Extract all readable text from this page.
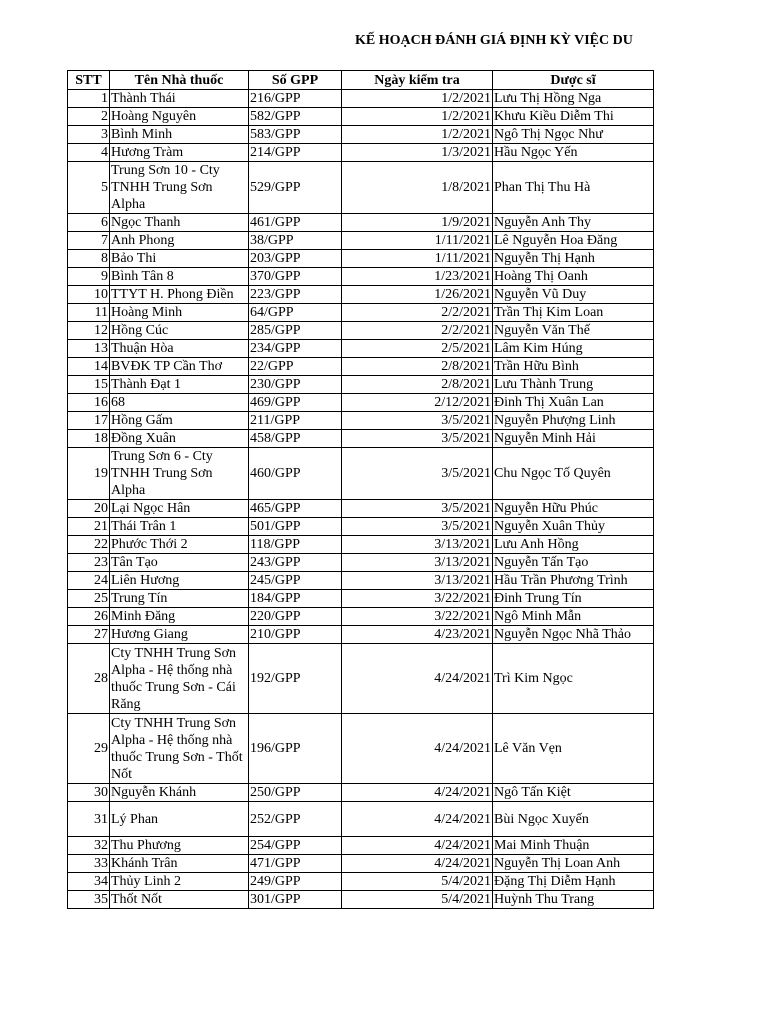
KẾ HOẠCH ĐÁNH GIÁ ĐỊNH KỲ VIỆC DU
STT	Tên Nhà thuốc	Số GPP	Ngày kiểm tra	Dược sĩ
1	Thành Thái	216/GPP	1/2/2021	Lưu Thị Hồng Nga
2	Hoàng Nguyên	582/GPP	1/2/2021	Khưu Kiều Diễm Thi
3	Bình Minh	583/GPP	1/2/2021	Ngô Thị Ngọc Như
4	Hương Tràm	214/GPP	1/3/2021	Hầu Ngọc Yến
5	Trung Sơn 10 - Cty TNHH Trung Sơn Alpha	529/GPP	1/8/2021	Phan Thị Thu Hà
6	Ngọc Thanh	461/GPP	1/9/2021	Nguyễn Anh Thy
7	Anh Phong	38/GPP	1/11/2021	Lê Nguyễn Hoa Đăng
8	Bảo Thi	203/GPP	1/11/2021	Nguyễn Thị Hạnh
9	Bình Tân 8	370/GPP	1/23/2021	Hoàng Thị Oanh
10	TTYT H. Phong Điền	223/GPP	1/26/2021	Nguyễn Vũ Duy
11	Hoàng Minh	64/GPP	2/2/2021	Trần Thị Kim Loan
12	Hồng Cúc	285/GPP	2/2/2021	Nguyễn Văn Thế
13	Thuận Hòa	234/GPP	2/5/2021	Lâm Kim Húng
14	BVĐK TP Cần Thơ	22/GPP	2/8/2021	Trần Hữu Bình
15	Thành Đạt 1	230/GPP	2/8/2021	Lưu Thành Trung
16	68	469/GPP	2/12/2021	Đinh Thị Xuân Lan
17	Hồng Gấm	211/GPP	3/5/2021	Nguyễn Phượng Linh
18	Đồng Xuân	458/GPP	3/5/2021	Nguyễn Minh Hải
19	Trung Sơn 6 - Cty TNHH Trung Sơn Alpha	460/GPP	3/5/2021	Chu Ngọc Tố Quyên
20	Lại Ngọc Hân	465/GPP	3/5/2021	Nguyễn Hữu Phúc
21	Thái Trân 1	501/GPP	3/5/2021	Nguyễn Xuân Thủy
22	Phước Thới 2	118/GPP	3/13/2021	Lưu Anh Hồng
23	Tân Tạo	243/GPP	3/13/2021	Nguyễn Tấn Tạo
24	Liên Hương	245/GPP	3/13/2021	Hầu Trần Phương Trình
25	Trung Tín	184/GPP	3/22/2021	Đinh Trung Tín
26	Minh Đăng	220/GPP	3/22/2021	Ngô Minh Mẫn
27	Hương Giang	210/GPP	4/23/2021	Nguyễn Ngọc Nhã Thảo
28	Cty TNHH Trung Sơn Alpha - Hệ thống nhà thuốc Trung Sơn - Cái Răng	192/GPP	4/24/2021	Trì Kim Ngọc
29	Cty TNHH Trung Sơn Alpha - Hệ thống nhà thuốc Trung Sơn - Thốt Nốt	196/GPP	4/24/2021	Lê Văn Vẹn
30	Nguyễn Khánh	250/GPP	4/24/2021	Ngô Tấn Kiệt
31	Lý Phan	252/GPP	4/24/2021	Bùi Ngọc Xuyến
32	Thu Phương	254/GPP	4/24/2021	Mai Minh Thuận
33	Khánh Trân	471/GPP	4/24/2021	Nguyễn Thị Loan Anh
34	Thủy Linh 2	249/GPP	5/4/2021	Đặng Thị Diễm Hạnh
35	Thốt Nốt	301/GPP	5/4/2021	Huỳnh Thu Trang
